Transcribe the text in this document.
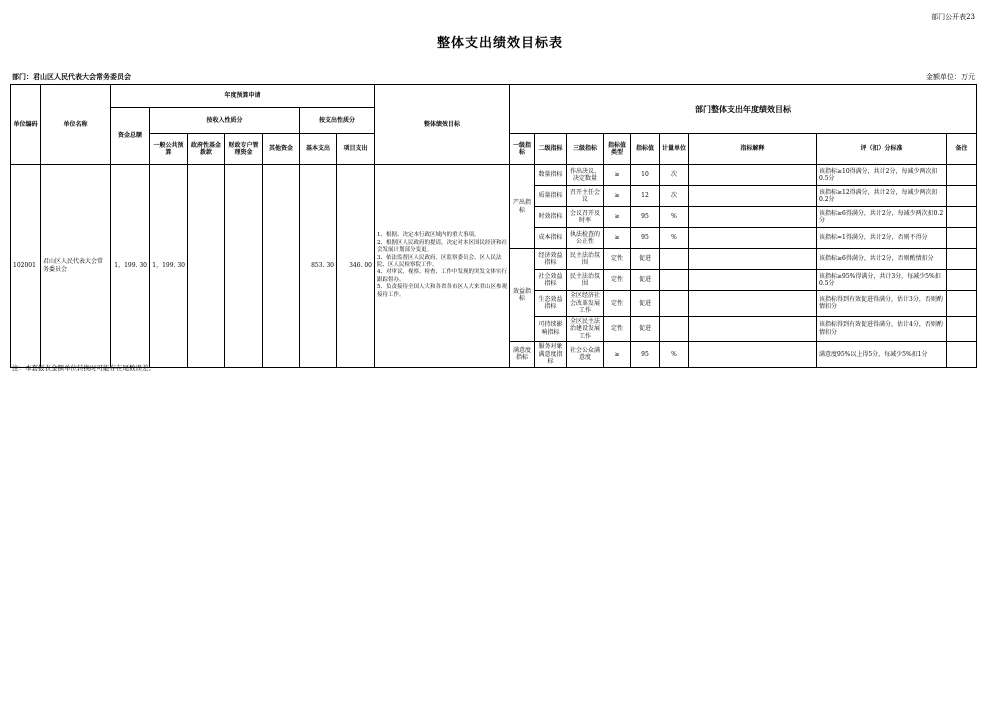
部门公开表23
整体支出绩效目标表
部门：君山区人民代表大会常务委员会	金额单位：万元
单位编码	单位名称	年度预算申请							整体绩效目标	部门整体支出年度绩效目标								
		资金总额	按收入性质分				按支出性质分											
			一般公共预算	政府性基金拨款	财政专户管理资金	其他资金	基本支出	项目支出		一级指标	二级指标	三级指标	指标值类型	指标值	计量单位	指标解释	评（扣）分标准	备注
102001	君山区人民代表大会常务委员会	1，199. 30	1，199. 30				853. 30	346. 00	1、根据、决定本行政区域内的重大事项。
2、根据区人民政府的提请，决定对本区国民经济和社会发展计划部分变更。
3、依法监督区人民政府、区监察委员会、区人民法院、区人民检察院工作。
4、对审议、视察、检查、工作中发现的突发文体实行跟踪督办。
5、负责接待全国人大和各省各市区人大来君山区参观接待工作。	产出指标	数量指标	作出决议、决定数量	≥	10	次		该指标≥10得满分，共计2分，每减少两次扣0.5分	
											质量指标	召开主任会议	≥	12	次		该指标≥12得满分，共计2分，每减少两次扣0.2分	
											时效指标	会议召开及时率	≥	95	%		该指标≥6得满分，共计2分，每减少两次扣0.2分	
											成本指标	执法检查的公正性	≥	95	%		该指标=1得满分，共计2分，否则不得分	
										效益指标	经济效益指标	民主法治氛围	定性	促进			该指标≥6得满分，共计2分，否则酌情扣分	
											社会效益指标	民主法治氛围	定性	促进			该指标≥95%得满分，共计3分，每减少5%扣0.5分	
											生态效益指标	全区经济社会改革发展工作	定性	促进			该指标得到有效促进得满分，估计3分，否则酌情扣分	
											可持续影响指标	全区民主法治建设发展工作	定性	促进			该指标得到有效促进得满分，估计4分，否则酌情扣分	
										满意度指标	服务对象满意度指标	社会公众满意度	≥	95	%		满意度95%以上得5分，每减少5%扣1分	
注：本套报表金额单位转换时可能存在尾数误差。
